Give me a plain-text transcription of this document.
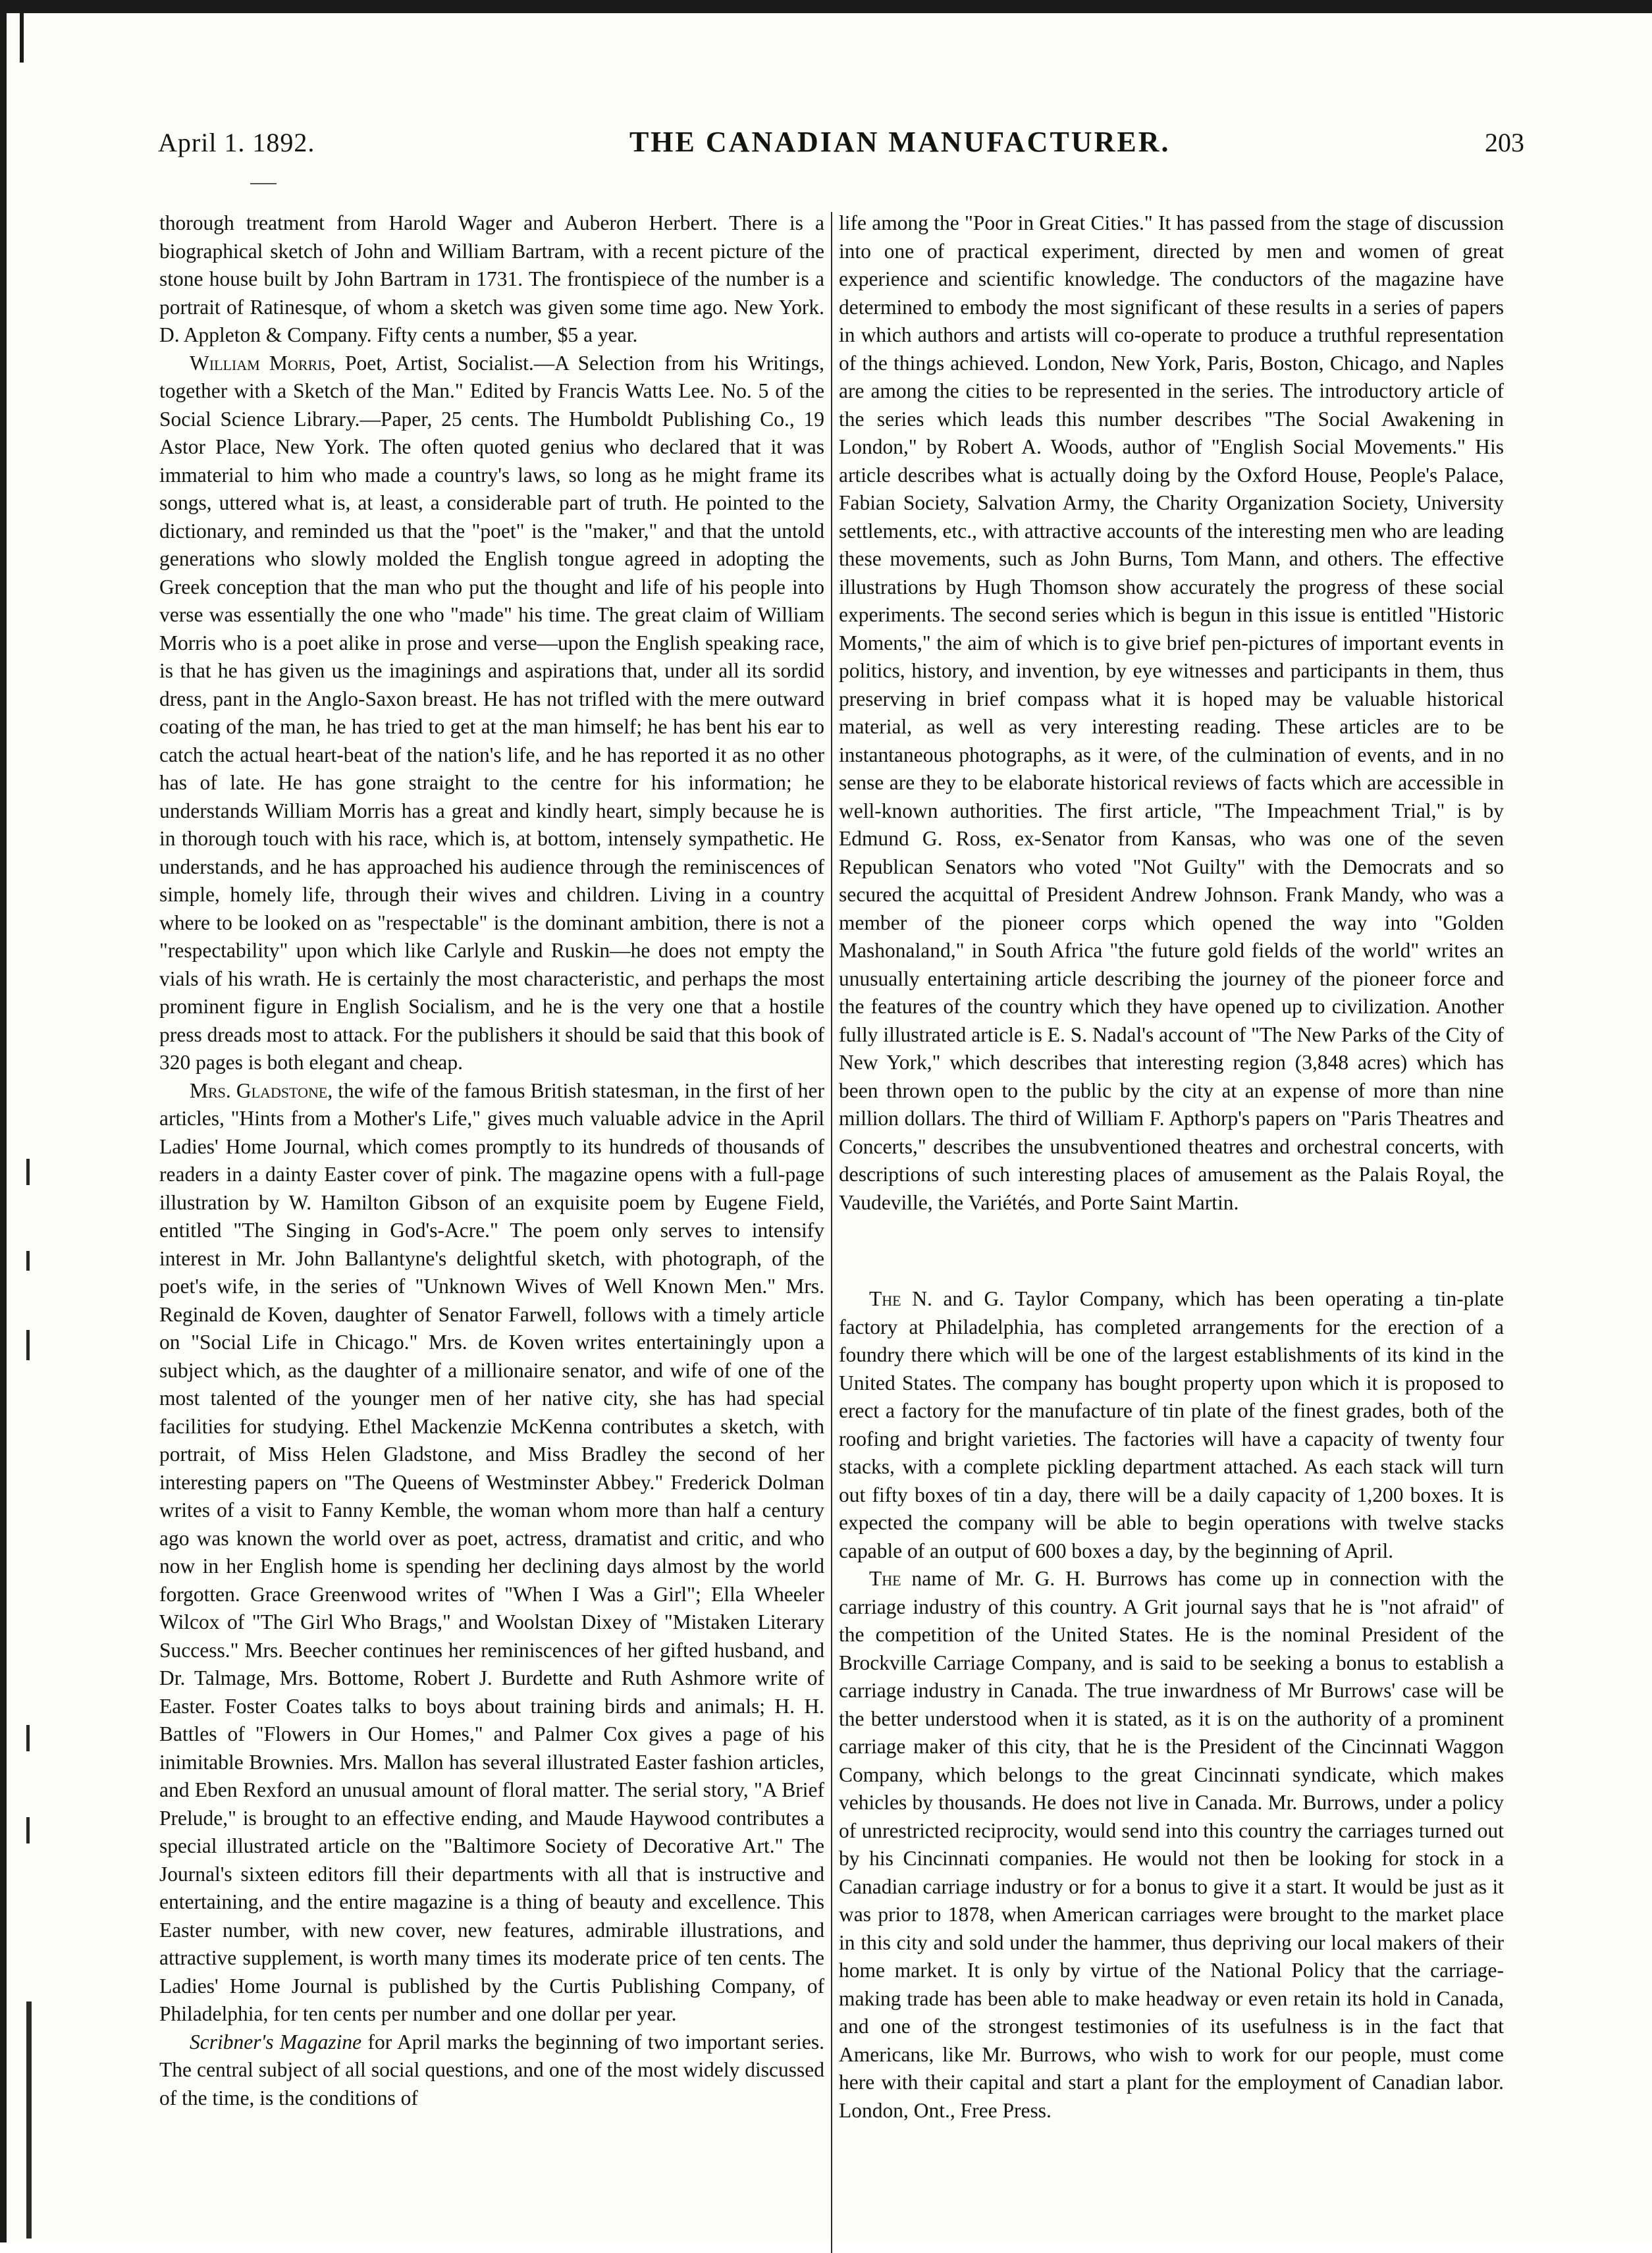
April 1. 1892.	THE CANADIAN MANUFACTURER.	203

thorough treatment from Harold Wager and Auberon Herbert. There is a biographical sketch of John and William Bartram, with a recent picture of the stone house built by John Bartram in 1731. The frontispiece of the number is a portrait of Ratinesque, of whom a sketch was given some time ago. New York. D. Appleton & Company. Fifty cents a number, $5 a year.

William Morris, Poet, Artist, Socialist.—A Selection from his Writings, together with a Sketch of the Man." Edited by Francis Watts Lee. No. 5 of the Social Science Library.—Paper, 25 cents. The Humboldt Publishing Co., 19 Astor Place, New York. The often quoted genius who declared that it was immaterial to him who made a country's laws, so long as he might frame its songs, uttered what is, at least, a considerable part of truth. He pointed to the dictionary, and reminded us that the "poet" is the "maker," and that the untold generations who slowly molded the English tongue agreed in adopting the Greek conception that the man who put the thought and life of his people into verse was essentially the one who "made" his time. The great claim of William Morris who is a poet alike in prose and verse—upon the English speaking race, is that he has given us the imaginings and aspirations that, under all its sordid dress, pant in the Anglo-Saxon breast. He has not trifled with the mere outward coating of the man, he has tried to get at the man himself; he has bent his ear to catch the actual heart-beat of the nation's life, and he has reported it as no other has of late. He has gone straight to the centre for his information; he understands William Morris has a great and kindly heart, simply because he is in thorough touch with his race, which is, at bottom, intensely sympathetic. He understands, and he has approached his audience through the reminiscences of simple, homely life, through their wives and children. Living in a country where to be looked on as "respectable" is the dominant ambition, there is not a "respectability" upon which like Carlyle and Ruskin—he does not empty the vials of his wrath. He is certainly the most characteristic, and perhaps the most prominent figure in English Socialism, and he is the very one that a hostile press dreads most to attack. For the publishers it should be said that this book of 320 pages is both elegant and cheap.

Mrs. Gladstone, the wife of the famous British statesman, in the first of her articles, "Hints from a Mother's Life," gives much valuable advice in the April Ladies' Home Journal, which comes promptly to its hundreds of thousands of readers in a dainty Easter cover of pink. The magazine opens with a full-page illustration by W. Hamilton Gibson of an exquisite poem by Eugene Field, entitled "The Singing in God's-Acre." The poem only serves to intensify interest in Mr. John Ballantyne's delightful sketch, with photograph, of the poet's wife, in the series of "Unknown Wives of Well Known Men." Mrs. Reginald de Koven, daughter of Senator Farwell, follows with a timely article on "Social Life in Chicago." Mrs. de Koven writes entertainingly upon a subject which, as the daughter of a millionaire senator, and wife of one of the most talented of the younger men of her native city, she has had special facilities for studying. Ethel Mackenzie McKenna contributes a sketch, with portrait, of Miss Helen Gladstone, and Miss Bradley the second of her interesting papers on "The Queens of Westminster Abbey." Frederick Dolman writes of a visit to Fanny Kemble, the woman whom more than half a century ago was known the world over as poet, actress, dramatist and critic, and who now in her English home is spending her declining days almost by the world forgotten. Grace Greenwood writes of "When I Was a Girl"; Ella Wheeler Wilcox of "The Girl Who Brags," and Woolstan Dixey of "Mistaken Literary Success." Mrs. Beecher continues her reminiscences of her gifted husband, and Dr. Talmage, Mrs. Bottome, Robert J. Burdette and Ruth Ashmore write of Easter. Foster Coates talks to boys about training birds and animals; H. H. Battles of "Flowers in Our Homes," and Palmer Cox gives a page of his inimitable Brownies. Mrs. Mallon has several illustrated Easter fashion articles, and Eben Rexford an unusual amount of floral matter. The serial story, "A Brief Prelude," is brought to an effective ending, and Maude Haywood contributes a special illustrated article on the "Baltimore Society of Decorative Art." The Journal's sixteen editors fill their departments with all that is instructive and entertaining, and the entire magazine is a thing of beauty and excellence. This Easter number, with new cover, new features, admirable illustrations, and attractive supplement, is worth many times its moderate price of ten cents. The Ladies' Home Journal is published by the Curtis Publishing Company, of Philadelphia, for ten cents per number and one dollar per year.

Scribner's Magazine for April marks the beginning of two important series. The central subject of all social questions, and one of the most widely discussed of the time, is the conditions of

life among the "Poor in Great Cities." It has passed from the stage of discussion into one of practical experiment, directed by men and women of great experience and scientific knowledge. The conductors of the magazine have determined to embody the most significant of these results in a series of papers in which authors and artists will co-operate to produce a truthful representation of the things achieved. London, New York, Paris, Boston, Chicago, and Naples are among the cities to be represented in the series. The introductory article of the series which leads this number describes "The Social Awakening in London," by Robert A. Woods, author of "English Social Movements." His article describes what is actually doing by the Oxford House, People's Palace, Fabian Society, Salvation Army, the Charity Organization Society, University settlements, etc., with attractive accounts of the interesting men who are leading these movements, such as John Burns, Tom Mann, and others. The effective illustrations by Hugh Thomson show accurately the progress of these social experiments. The second series which is begun in this issue is entitled "Historic Moments," the aim of which is to give brief pen-pictures of important events in politics, history, and invention, by eye witnesses and participants in them, thus preserving in brief compass what it is hoped may be valuable historical material, as well as very interesting reading. These articles are to be instantaneous photographs, as it were, of the culmination of events, and in no sense are they to be elaborate historical reviews of facts which are accessible in well-known authorities. The first article, "The Impeachment Trial," is by Edmund G. Ross, ex-Senator from Kansas, who was one of the seven Republican Senators who voted "Not Guilty" with the Democrats and so secured the acquittal of President Andrew Johnson. Frank Mandy, who was a member of the pioneer corps which opened the way into "Golden Mashonaland," in South Africa "the future gold fields of the world" writes an unusually entertaining article describing the journey of the pioneer force and the features of the country which they have opened up to civilization. Another fully illustrated article is E. S. Nadal's account of "The New Parks of the City of New York," which describes that interesting region (3,848 acres) which has been thrown open to the public by the city at an expense of more than nine million dollars. The third of William F. Apthorp's papers on "Paris Theatres and Concerts," describes the unsubventioned theatres and orchestral concerts, with descriptions of such interesting places of amusement as the Palais Royal, the Vaudeville, the Variétés, and Porte Saint Martin.

The N. and G. Taylor Company, which has been operating a tin-plate factory at Philadelphia, has completed arrangements for the erection of a foundry there which will be one of the largest establishments of its kind in the United States. The company has bought property upon which it is proposed to erect a factory for the manufacture of tin plate of the finest grades, both of the roofing and bright varieties. The factories will have a capacity of twenty four stacks, with a complete pickling department attached. As each stack will turn out fifty boxes of tin a day, there will be a daily capacity of 1,200 boxes. It is expected the company will be able to begin operations with twelve stacks capable of an output of 600 boxes a day, by the beginning of April.

The name of Mr. G. H. Burrows has come up in connection with the carriage industry of this country. A Grit journal says that he is "not afraid" of the competition of the United States. He is the nominal President of the Brockville Carriage Company, and is said to be seeking a bonus to establish a carriage industry in Canada. The true inwardness of Mr Burrows' case will be the better understood when it is stated, as it is on the authority of a prominent carriage maker of this city, that he is the President of the Cincinnati Waggon Company, which belongs to the great Cincinnati syndicate, which makes vehicles by thousands. He does not live in Canada. Mr. Burrows, under a policy of unrestricted reciprocity, would send into this country the carriages turned out by his Cincinnati companies. He would not then be looking for stock in a Canadian carriage industry or for a bonus to give it a start. It would be just as it was prior to 1878, when American carriages were brought to the market place in this city and sold under the hammer, thus depriving our local makers of their home market. It is only by virtue of the National Policy that the carriage-making trade has been able to make headway or even retain its hold in Canada, and one of the strongest testimonies of its usefulness is in the fact that Americans, like Mr. Burrows, who wish to work for our people, must come here with their capital and start a plant for the employment of Canadian labor. London, Ont., Free Press.
